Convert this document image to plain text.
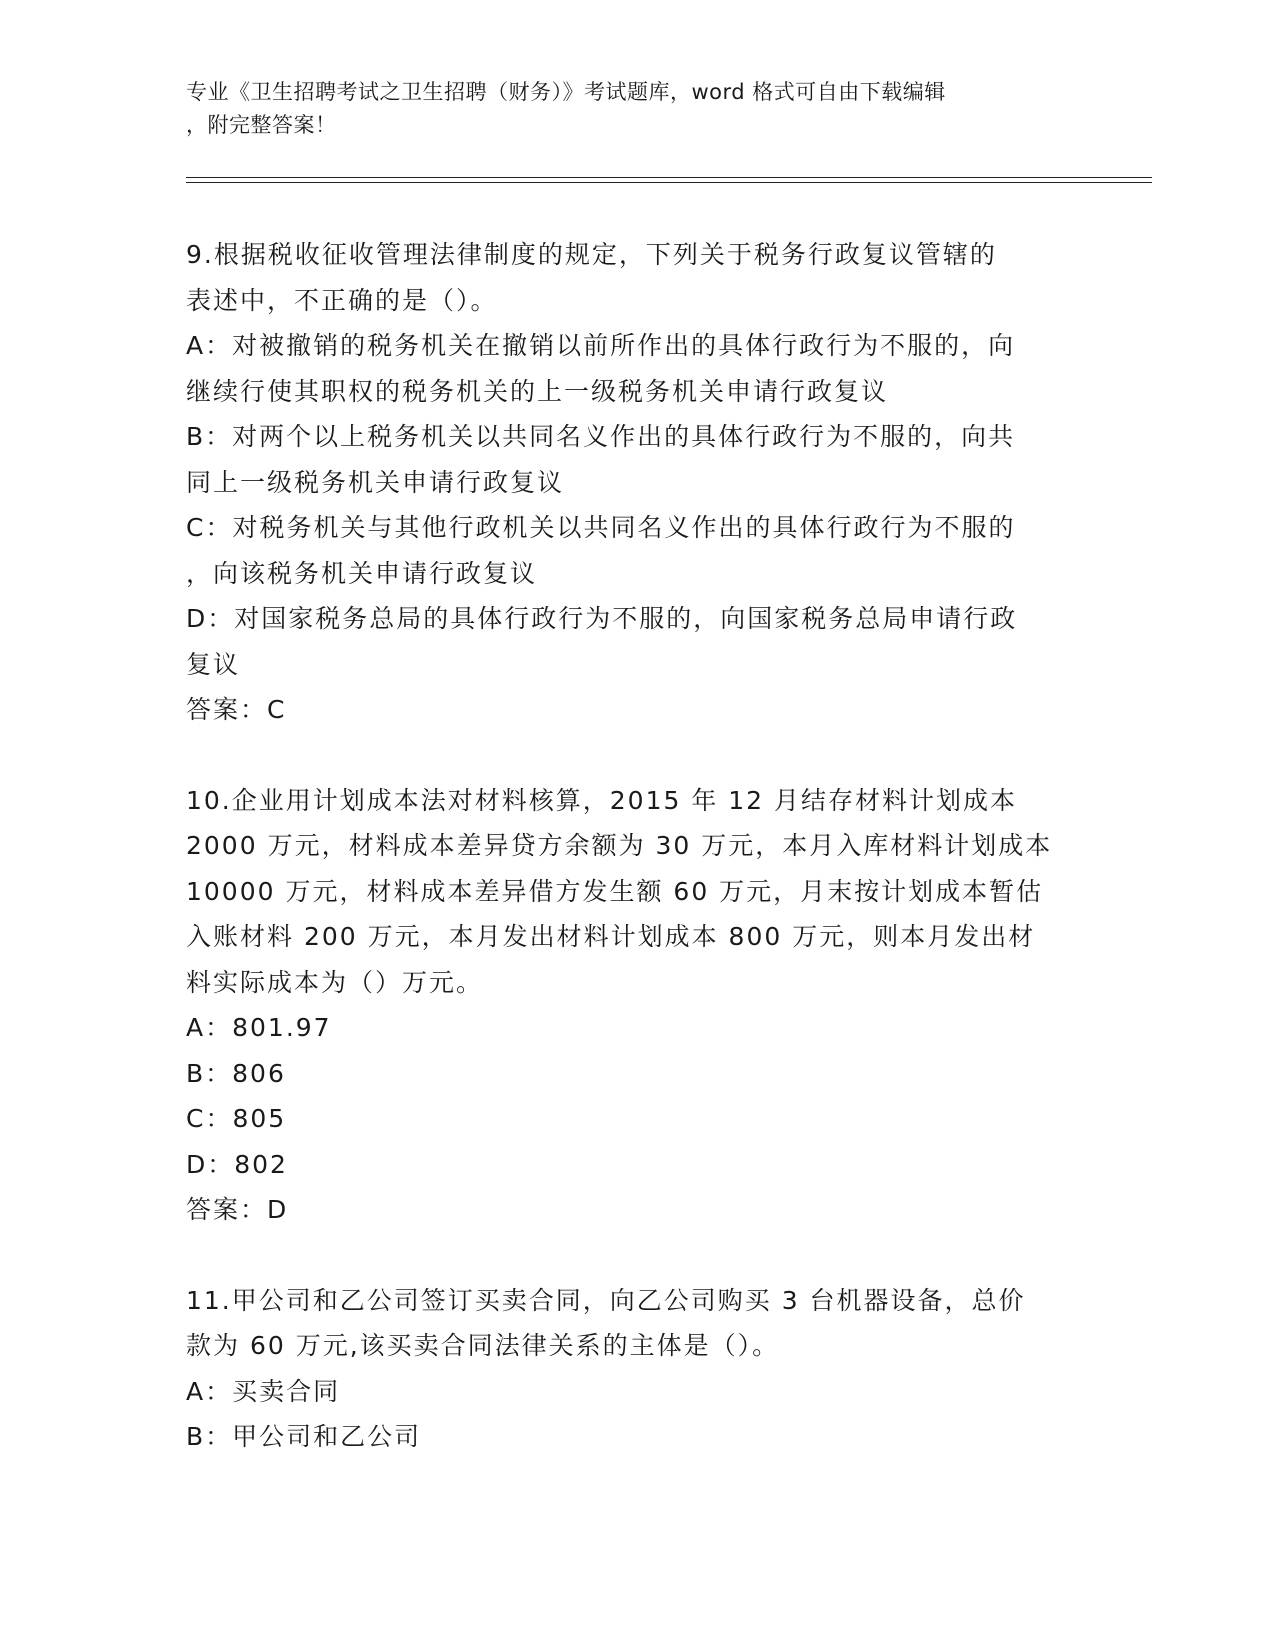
专业《卫生招聘考试之卫生招聘（财务）》考试题库，word 格式可自由下载编辑
，附完整答案！
9.根据税收征收管理法律制度的规定，下列关于税务行政复议管辖的
表述中，不正确的是（）。
A：对被撤销的税务机关在撤销以前所作出的具体行政行为不服的，向
继续行使其职权的税务机关的上一级税务机关申请行政复议
B：对两个以上税务机关以共同名义作出的具体行政行为不服的，向共
同上一级税务机关申请行政复议
C：对税务机关与其他行政机关以共同名义作出的具体行政行为不服的
，向该税务机关申请行政复议
D：对国家税务总局的具体行政行为不服的，向国家税务总局申请行政
复议
答案：C
10.企业用计划成本法对材料核算，2015 年 12 月结存材料计划成本
2000 万元，材料成本差异贷方余额为 30 万元，本月入库材料计划成本
10000 万元，材料成本差异借方发生额 60 万元，月末按计划成本暂估
入账材料 200 万元，本月发出材料计划成本 800 万元，则本月发出材
料实际成本为（）万元。
A：801.97
B：806
C：805
D：802
答案：D
11.甲公司和乙公司签订买卖合同，向乙公司购买 3 台机器设备，总价
款为 60 万元,该买卖合同法律关系的主体是（）。
A：买卖合同
B：甲公司和乙公司
